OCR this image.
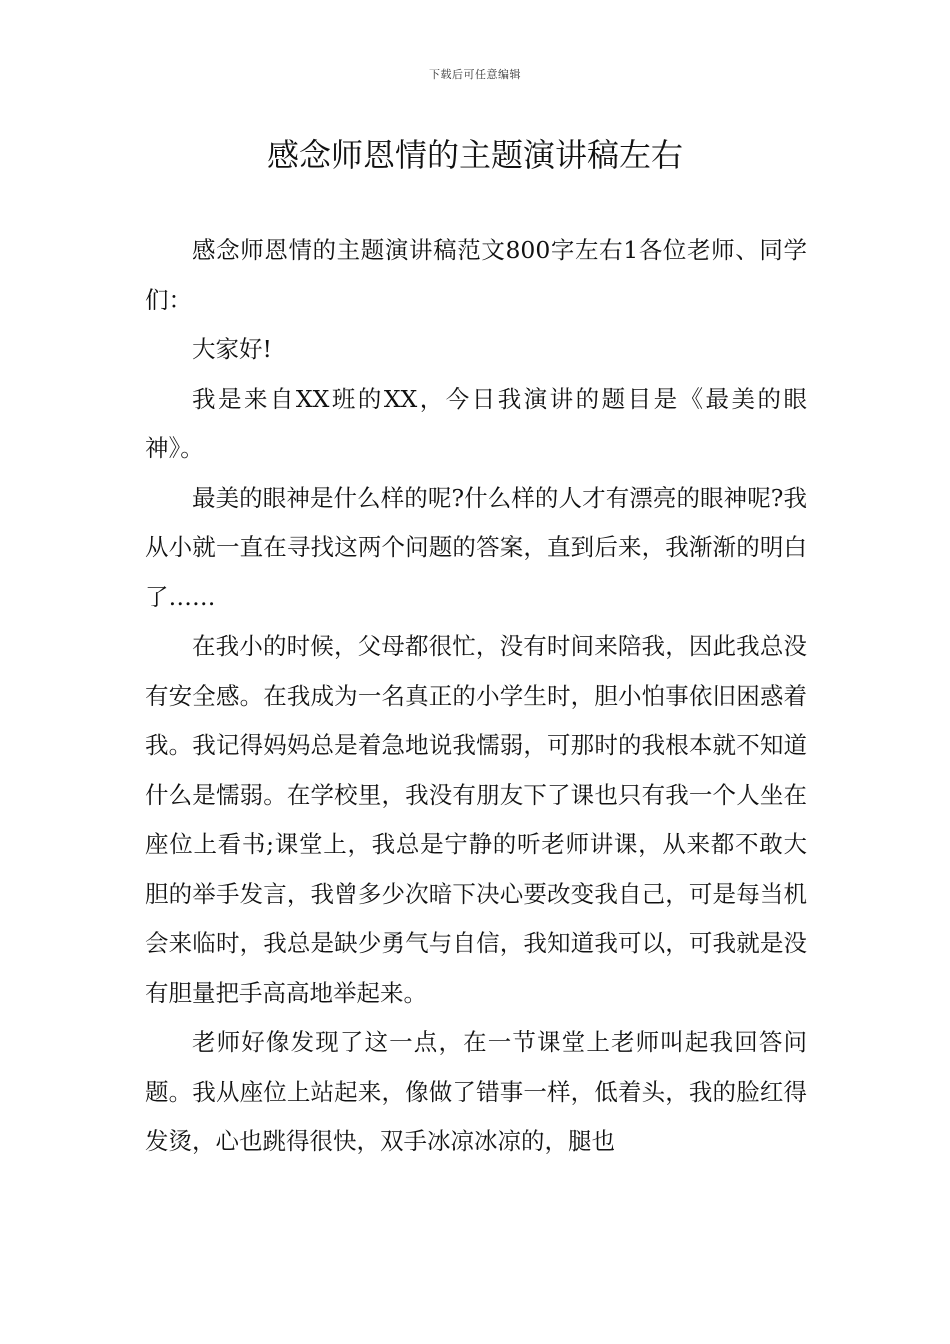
下载后可任意编辑
感念师恩情的主题演讲稿左右

感念师恩情的主题演讲稿范文800字左右1各位老师、同学们：

大家好!

我是来自XX班的XX，今日我演讲的题目是《最美的眼神》。

最美的眼神是什么样的呢?什么样的人才有漂亮的眼神呢?我从小就一直在寻找这两个问题的答案，直到后来，我渐渐的明白了……

在我小的时候，父母都很忙，没有时间来陪我，因此我总没有安全感。在我成为一名真正的小学生时，胆小怕事依旧困惑着我。我记得妈妈总是着急地说我懦弱，可那时的我根本就不知道什么是懦弱。在学校里，我没有朋友下了课也只有我一个人坐在座位上看书;课堂上，我总是宁静的听老师讲课，从来都不敢大胆的举手发言，我曾多少次暗下决心要改变我自己，可是每当机会来临时，我总是缺少勇气与自信，我知道我可以，可我就是没有胆量把手高高地举起来。

老师好像发现了这一点，在一节课堂上老师叫起我回答问题。我从座位上站起来，像做了错事一样，低着头，我的脸红得发烫，心也跳得很快，双手冰凉冰凉的，腿也
